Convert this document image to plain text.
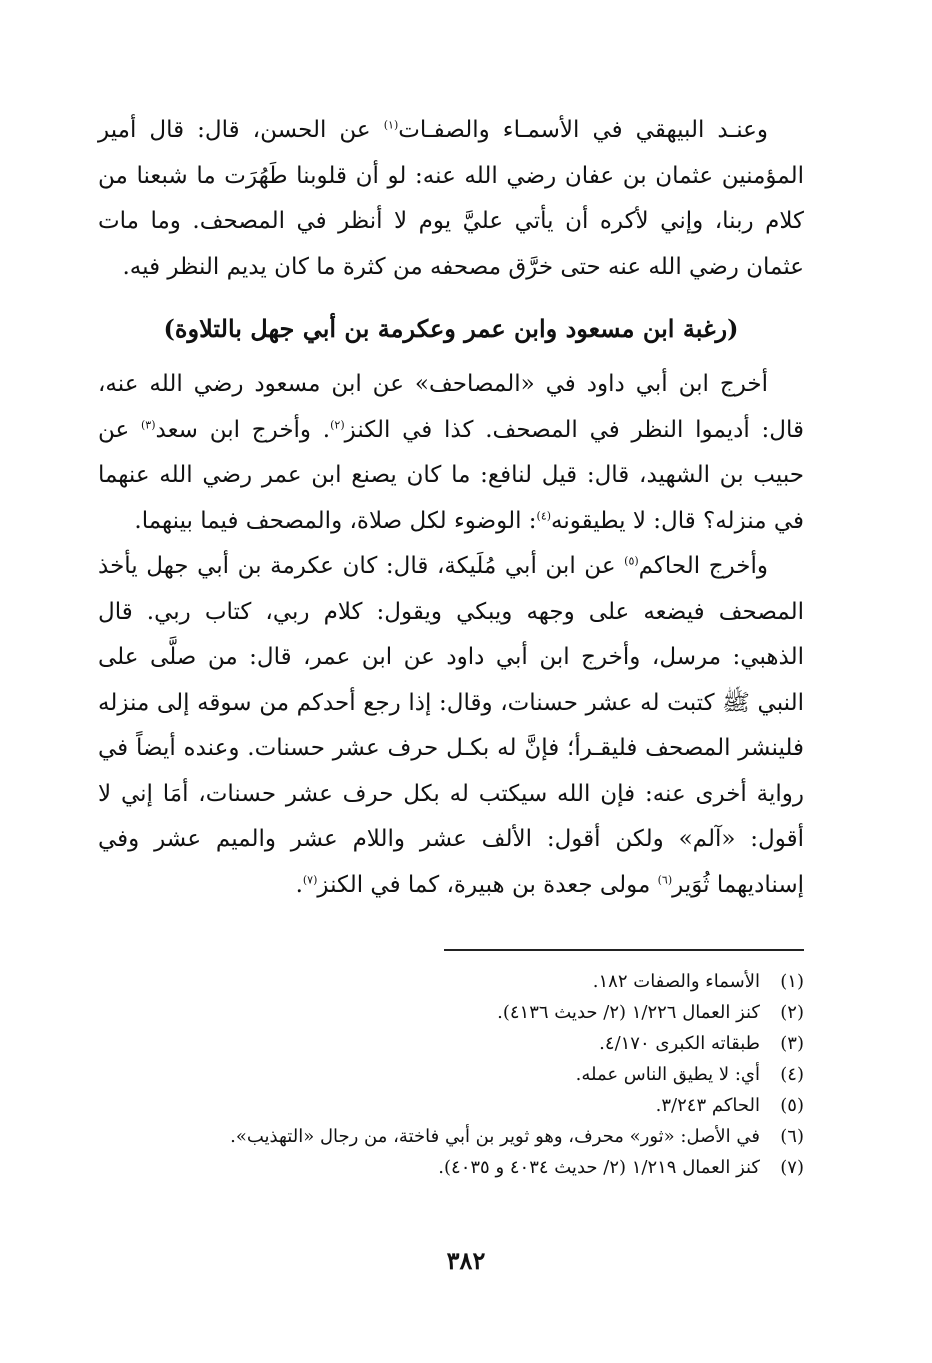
وعنـد البيهقي في الأسمـاء والصفـات$^{(١)}$ عن الحسن، قال: قال أمير المؤمنين عثمان بن عفان رضي الله عنه: لو أن قلوبنا طَهُرَت ما شبعنا من كلام ربنا، وإني لأكره أن يأتي عليَّ يوم لا أنظر في المصحف. وما مات عثمان رضي الله عنه حتى خرَّق مصحفه من كثرة ما كان يديم النظر فيه.

(رغبة ابن مسعود وابن عمر وعكرمة بن أبي جهل بالتلاوة)

أخرج ابن أبي داود في «المصاحف» عن ابن مسعود رضي الله عنه، قال: أديموا النظر في المصحف. كذا في الكنز$^{(٢)}$. وأخرج ابن سعد$^{(٣)}$ عن حبيب بن الشهيد، قال: قيل لنافع: ما كان يصنع ابن عمر رضي الله عنهما في منزله؟ قال: لا يطيقونه$^{(٤)}$: الوضوء لكل صلاة، والمصحف فيما بينهما.

وأخرج الحاكم$^{(٥)}$ عن ابن أبي مُلَيكة، قال: كان عكرمة بن أبي جهل يأخذ المصحف فيضعه على وجهه ويبكي ويقول: كلام ربي، كتاب ربي. قال الذهبي: مرسل، وأخرج ابن أبي داود عن ابن عمر، قال: من صلَّى على النبي ﷺ كتبت له عشر حسنات، وقال: إذا رجع أحدكم من سوقه إلى منزله فلينشر المصحف فليقـرأ؛ فإنَّ له بكـل حرف عشر حسنات. وعنده أيضاً في رواية أخرى عنه: فإن الله سيكتب له بكل حرف عشر حسنات، أمَا إني لا أقول: «آلم» ولكن أقول: الألف عشر واللام عشر والميم عشر وفي إسناديهما ثُوَير$^{(٦)}$ مولى جعدة بن هبيرة، كما في الكنز$^{(٧)}$.

(١)
الأسماء والصفات ١٨٢.
(٢)
كنز العمال ١/٢٢٦ (٢/ حديث ٤١٣٦).
(٣)
طبقاته الكبرى ٤/١٧٠.
(٤)
أي: لا يطيق الناس عمله.
(٥)
الحاكم ٣/٢٤٣.
(٦)
في الأصل: «ثور» محرف، وهو ثوير بن أبي فاختة، من رجال «التهذيب».
(٧)
كنز العمال ١/٢١٩ (٢/ حديث ٤٠٣٤ و ٤٠٣٥).
٣٨٢
